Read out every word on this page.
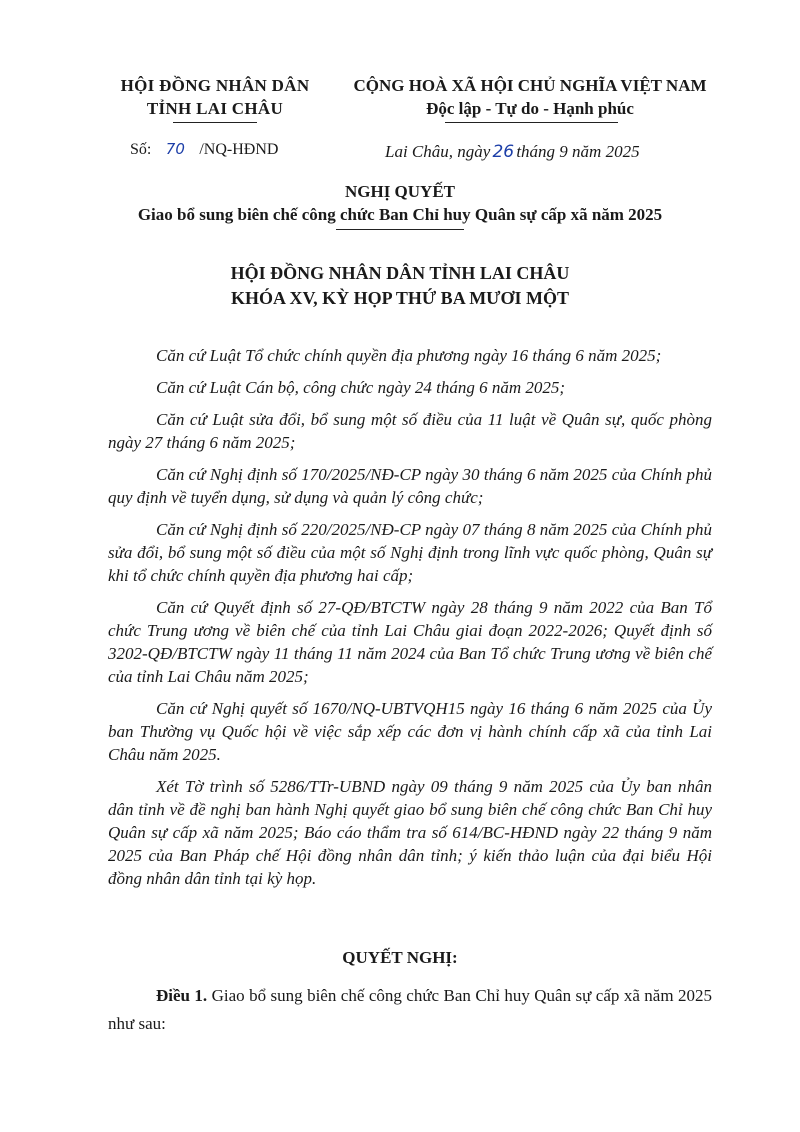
HỘI ĐỒNG NHÂN DÂN
TỈNH LAI CHÂU
CỘNG HOÀ XÃ HỘI CHỦ NGHĨA VIỆT NAM
Độc lập - Tự do - Hạnh phúc
Số: 70 /NQ-HĐND	Lai Châu, ngày 26 tháng 9 năm 2025
NGHỊ QUYẾT
Giao bổ sung biên chế công chức Ban Chỉ huy Quân sự cấp xã năm 2025
HỘI ĐỒNG NHÂN DÂN TỈNH LAI CHÂU
KHÓA XV, KỲ HỌP THỨ BA MƯƠI MỘT

Căn cứ Luật Tổ chức chính quyền địa phương ngày 16 tháng 6 năm 2025;

Căn cứ Luật Cán bộ, công chức ngày 24 tháng 6 năm 2025;

Căn cứ Luật sửa đổi, bổ sung một số điều của 11 luật về Quân sự, quốc phòng ngày 27 tháng 6 năm 2025;

Căn cứ Nghị định số 170/2025/NĐ-CP ngày 30 tháng 6 năm 2025 của Chính phủ quy định về tuyển dụng, sử dụng và quản lý công chức;

Căn cứ Nghị định số 220/2025/NĐ-CP ngày 07 tháng 8 năm 2025 của Chính phủ sửa đổi, bổ sung một số điều của một số Nghị định trong lĩnh vực quốc phòng, Quân sự khi tổ chức chính quyền địa phương hai cấp;

Căn cứ Quyết định số 27-QĐ/BTCTW ngày 28 tháng 9 năm 2022 của Ban Tổ chức Trung ương về biên chế của tỉnh Lai Châu giai đoạn 2022-2026; Quyết định số 3202-QĐ/BTCTW ngày 11 tháng 11 năm 2024 của Ban Tổ chức Trung ương về biên chế của tỉnh Lai Châu năm 2025;

Căn cứ Nghị quyết số 1670/NQ-UBTVQH15 ngày 16 tháng 6 năm 2025 của Ủy ban Thường vụ Quốc hội về việc sắp xếp các đơn vị hành chính cấp xã của tỉnh Lai Châu năm 2025.

Xét Tờ trình số 5286/TTr-UBND ngày 09 tháng 9 năm 2025 của Ủy ban nhân dân tỉnh về đề nghị ban hành Nghị quyết giao bổ sung biên chế công chức Ban Chỉ huy Quân sự cấp xã năm 2025; Báo cáo thẩm tra số 614/BC-HĐND ngày 22 tháng 9 năm 2025 của Ban Pháp chế Hội đồng nhân dân tỉnh; ý kiến thảo luận của đại biểu Hội đồng nhân dân tỉnh tại kỳ họp.

QUYẾT NGHỊ:
Điều 1. Giao bổ sung biên chế công chức Ban Chỉ huy Quân sự cấp xã năm 2025 như sau:
